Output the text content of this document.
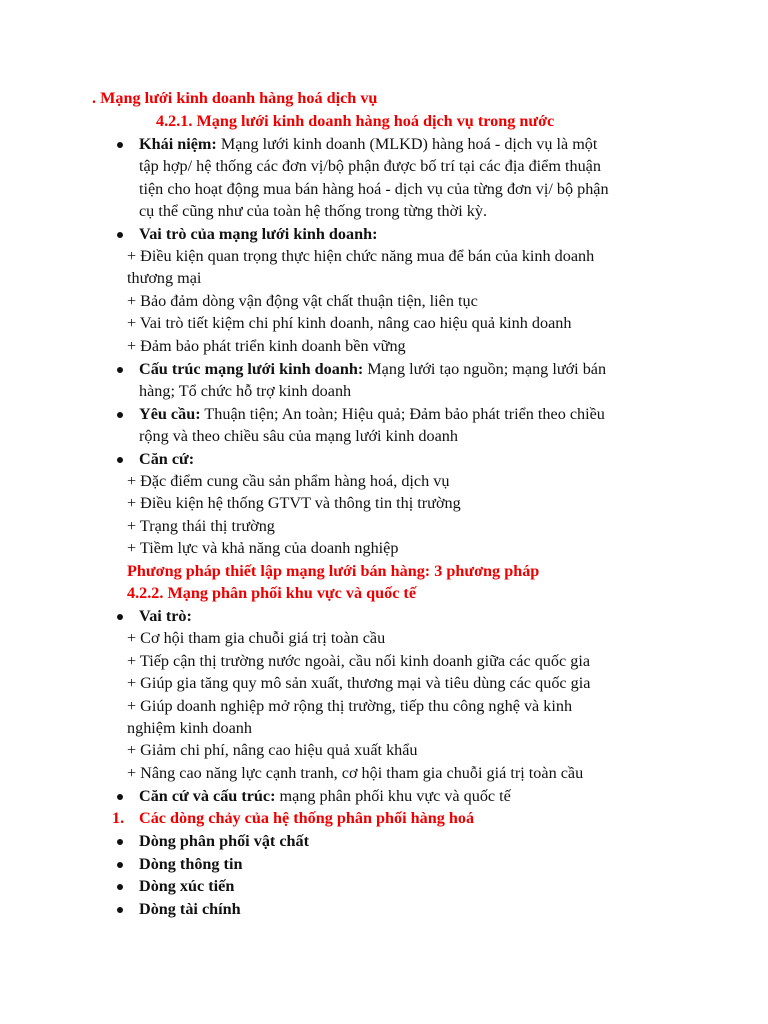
. Mạng lưới kinh doanh hàng hoá dịch vụ
4.2.1. Mạng lưới kinh doanh hàng hoá dịch vụ trong nước
Khái niệm: Mạng lưới kinh doanh (MLKD) hàng hoá - dịch vụ là một
tập hợp/ hệ thống các đơn vị/bộ phận được bố trí tại các địa điểm thuận
tiện cho hoạt động mua bán hàng hoá - dịch vụ của từng đơn vị/ bộ phận
cụ thể cũng như của toàn hệ thống trong từng thời kỳ.
Vai trò của mạng lưới kinh doanh:
+ Điều kiện quan trọng thực hiện chức năng mua để bán của kinh doanh
thương mại
+ Bảo đảm dòng vận động vật chất thuận tiện, liên tục
+ Vai trò tiết kiệm chi phí kinh doanh, nâng cao hiệu quả kinh doanh
+ Đảm bảo phát triển kinh doanh bền vững
Cấu trúc mạng lưới kinh doanh: Mạng lưới tạo nguồn; mạng lưới bán
hàng; Tổ chức hỗ trợ kinh doanh
Yêu cầu: Thuận tiện; An toàn; Hiệu quả; Đảm bảo phát triển theo chiều
rộng và theo chiều sâu của mạng lưới kinh doanh
Căn cứ:
+ Đặc điểm cung cầu sản phẩm hàng hoá, dịch vụ
+ Điều kiện hệ thống GTVT và thông tin thị trường
+ Trạng thái thị trường
+ Tiềm lực và khả năng của doanh nghiệp
Phương pháp thiết lập mạng lưới bán hàng: 3 phương pháp
4.2.2. Mạng phân phối khu vực và quốc tế
Vai trò:
+ Cơ hội tham gia chuỗi giá trị toàn cầu
+ Tiếp cận thị trường nước ngoài, cầu nối kinh doanh giữa các quốc gia
+ Giúp gia tăng quy mô sản xuất, thương mại và tiêu dùng các quốc gia
+ Giúp doanh nghiệp mở rộng thị trường, tiếp thu công nghệ và kinh
nghiệm kinh doanh
+ Giảm chi phí, nâng cao hiệu quả xuất khẩu
+ Nâng cao năng lực cạnh tranh, cơ hội tham gia chuỗi giá trị toàn cầu
Căn cứ và cấu trúc: mạng phân phối khu vực và quốc tế
1. Các dòng chảy của hệ thống phân phối hàng hoá
Dòng phân phối vật chất
Dòng thông tin
Dòng xúc tiến
Dòng tài chính
